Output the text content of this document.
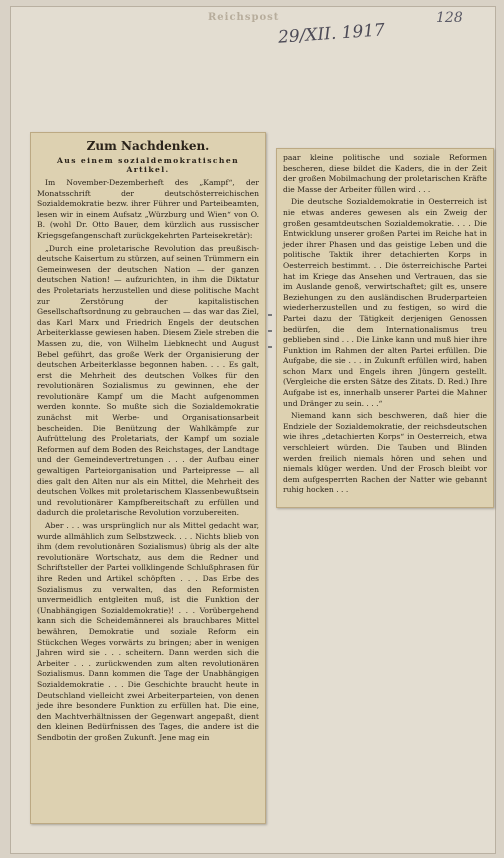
Reichspost
29/XII. 1917
128
Zum Nachdenken.
Aus einem sozialdemokratischen Artikel.

Im November-Dezemberheft des „Kampf“, der Monatsschrift der deutschösterreichischen Sozialdemokratie bezw. ihrer Führer und Parteibeamten, lesen wir in einem Aufsatz „Würzburg und Wien“ von O. B. (wohl Dr. Otto Bauer, dem kürzlich aus russischer Kriegsgefangenschaft zurückgekehrten Parteisekretär):

„Durch eine proletarische Revolution das preußisch-deutsche Kaisertum zu stürzen, auf seinen Trümmern ein Gemeinwesen der deutschen Nation — der ganzen deutschen Nation! — aufzurichten, in ihm die Diktatur des Proletariats herzustellen und diese politische Macht zur Zerstörung der kapitalistischen Gesellschaftsordnung zu gebrauchen — das war das Ziel, das Karl Marx und Friedrich Engels der deutschen Arbeiterklasse gewiesen haben. Diesem Ziele streben die Massen zu, die, von Wilhelm Liebknecht und August Bebel geführt, das große Werk der Organisierung der deutschen Arbeiterklasse begonnen haben. . . . Es galt, erst die Mehrheit des deutschen Volkes für den revolutionären Sozialismus zu gewinnen, ehe der revolutionäre Kampf um die Macht aufgenommen werden konnte. So mußte sich die Sozialdemokratie zunächst mit Werbe- und Organisationsarbeit bescheiden. Die Benützung der Wahlkämpfe zur Aufrüttelung des Proletariats, der Kampf um soziale Reformen auf dem Boden des Reichstages, der Landtage und der Gemeindevertretungen . . . der Aufbau einer gewaltigen Parteiorganisation und Parteipresse — all dies galt den Alten nur als ein Mittel, die Mehrheit des deutschen Volkes mit proletarischem Klassenbewußtsein und revolutionärer Kampfbereitschaft zu erfüllen und dadurch die proletarische Revolution vorzubereiten.

Aber . . . was ursprünglich nur als Mittel gedacht war, wurde allmählich zum Selbstzweck. . . . Nichts blieb von ihm (dem revolutionären Sozialismus) übrig als der alte revolutionäre Wortschatz, aus dem die Redner und Schriftsteller der Partei vollklingende Schlußphrasen für ihre Reden und Artikel schöpften . . . Das Erbe des Sozialismus zu verwalten, das den Reformisten unvermeidlich entgleiten muß, ist die Funktion der (Unabhängigen Sozialdemokratie)! . . . Vorübergehend kann sich die Scheidemännerei als brauchbares Mittel bewähren, Demokratie und soziale Reform ein Stückchen Weges vorwärts zu bringen; aber in wenigen Jahren wird sie . . . scheitern. Dann werden sich die Arbeiter . . . zurückwenden zum alten revolutionären Sozialismus. Dann kommen die Tage der Unabhängigen Sozialdemokratie . . . Die Geschichte braucht heute in Deutschland vielleicht zwei Arbeiterparteien, von denen jede ihre besondere Funktion zu erfüllen hat. Die eine, den Machtverhältnissen der Gegenwart angepaßt, dient den kleinen Bedürfnissen des Tages, die andere ist die Sendbotin der großen Zukunft. Jene mag ein

paar kleine politische und soziale Reformen bescheren, diese bildet die Kaders, die in der Zeit der großen Mobilmachung der proletarischen Kräfte die Masse der Arbeiter füllen wird . . .

Die deutsche Sozialdemokratie in Oesterreich ist nie etwas anderes gewesen als ein Zweig der großen gesamtdeutschen Sozialdemokratie. . . . Die Entwicklung unserer großen Partei im Reiche hat in jeder ihrer Phasen und das geistige Leben und die politische Taktik ihrer detachierten Korps in Oesterreich bestimmt. . . Die österreichische Partei hat im Kriege das Ansehen und Vertrauen, das sie im Auslande genoß, verwirtschaftet; gilt es, unsere Beziehungen zu den ausländischen Bruderparteien wiederherzustellen und zu festigen, so wird die Partei dazu der Tätigkeit derjenigen Genossen bedürfen, die dem Internationalismus treu geblieben sind . . . Die Linke kann und muß hier ihre Funktion im Rahmen der alten Partei erfüllen. Die Aufgabe, die sie . . . in Zukunft erfüllen wird, haben schon Marx und Engels ihren Jüngern gestellt. (Vergleiche die ersten Sätze des Zitats. D. Red.) Ihre Aufgabe ist es, innerhalb unserer Partei die Mahner und Dränger zu sein. . . .“

Niemand kann sich beschweren, daß hier die Endziele der Sozialdemokratie, der reichsdeutschen wie ihres „detachierten Korps“ in Oesterreich, etwa verschleiert würden. Die Tauben und Blinden werden freilich niemals hören und sehen und niemals klüger werden. Und der Frosch bleibt vor dem aufgesperrten Rachen der Natter wie gebannt ruhig hocken . . .
